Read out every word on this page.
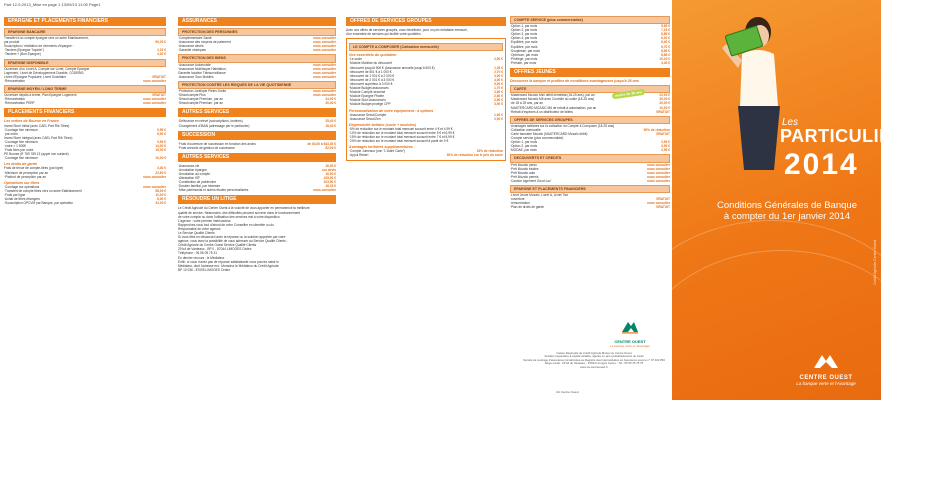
Part 12-9-2013_Mise en page 1 13/09/13 11:05 Page1
EPARGNE ET PLACEMENTS FINANCIERS
EPARGNE BANCAIRE
Transfert d'un compte épargne vers un autre Etablissement,
par produit	90,20 €
Souscription / résiliation de virements d'épargne :
·Tandem (Epargne "liquide")	2,15 €
·Tandem + (Bon Epargne)	4,20 €
EPARGNE DISPONIBLE
Ouverture d'un Livret A, Compte sur Livret, Compte Epargne
Logement, Livret de Développement Durable, CODEBIS,
Livret d'Epargne Populaire, Livret Sociétaire	GRATUIT
·Rémunération	nous consulter
EPARGNE MOYEN / LONG TERME
Ouverture dépôts à terme, Plan Epargne Logement	GRATUIT
·Rémunération	nous consulter
·Rémunération PERP	nous consulter
PLACEMENTS FINANCIERS
Les ordres de Bourse en France
Invest Store Initial (avec CAEL Part Rib Titres)
·Courtage fixe minimum	0,95 €
·par ordre	8,00 €
Invest Store Intégral (avec CAEL Part Rib Titres)
·Courtage fixe minimum	0,95 €
·ordre > 1 500€	14,00 €
·Frais fixes par ordre	19,00 €
PE Bourse (R 789 789 13 (appel non surtaxé)
·Courtage fixe minimum	10,00 €
Les droits de garde
Frais de tenue de compte-titres (par ligne)	4,30 €
·Minimum de perception par an	22,50 €
·Plafond de perception par an	nous consulter
Opérations sur titres
·Courtage sur opérations	nous consulter
·Transfert de compte titres vers un autre Etablissement	58,00 €
·Frais par ligne	12,30 €
·Achat de titres étrangers	8,00 €
·Souscription OPCVM par Banque, par opération	32,20 €
ASSURANCES
PROTECTION DES PERSONNES
·Complémentaire Santé	nous consulter
·Assurance des moyens de paiement	nous consulter
·Assurance décès	nous consulter
·Garantie obsèques	nous consulter
PROTECTION DES BIENS
·Assurance Automobile	nous consulter
·Assurance Multirisque Habitation,	nous consulter
Garantie locative Télésurveillance	nous consulter
·Assurance Tous Mobiles	nous consulter
PROTECTION CONTRE LES RISQUES DE LA VIE QUOTIDIENNE
·Protection Juridique Pleins Droits	nous consulter
·Sécuricompte Plus	nous consulter
·Sécuricompte Premium, par an	24,00 €
·Sécuricompte Premium, par an	30,40 €
AUTRES SERVICES
·Délivrance en relevé (souscriptions, tontines)	25,40 €
·Changement d'IBAN (adressage par le particulier)	18,40 €
SUCCESSION
·Frais d'ouverture de succession en fonction des avoirs	de 83,00 à 643,35 €
·Frais annuels de gestion de succession	92,00 €
AUTRES SERVICES
·Assurance-vie	16,90 €
·Annotation épargne	sur devis
·Annotation au compte	16,90 €
·Attestation ISF	105,00 €
·Constitution de patrimoine	103,50 €
·Dossier familial, par trimestre	18,35 €
·Mise patrimonial et autres études personnalisées	nous consulter
RÉSOUDRE UN LITIGE
Le Crédit Agricole du Centre Ouest a la volonté de vous apporter en permanence la meilleure
qualité de service. Néanmoins, des difficultés peuvent survenir dans le fonctionnement
de votre compte ou dans l'utilisation des services mis à votre disposition.
L'agence : votre premier interlocuteur
Rapprochez-vous tout d'abord de votre Conseiller en clientèle ou du
Responsable de votre agence.
Le Service Qualité Clients
Si vous êtes en désaccord avec la réponse ou la solution apportée par votre
agence, vous avez la possibilité de vous adresser au Service Qualité Clients :
Crédit Agricole du Centre Ouest Service Qualité Clients
29 bd de Vanteaux - BP 0 - 87044 LIMOGES Cedex
Téléphone : 05 55 05 75 31
En dernier recours : le Médiateur
Enfin, si vous n'avez pas de réponse satisfaisante vous pouvez saisir le
Médiateur, dont l'adresse est : Monsieur le Médiateur du Crédit Agricole
BP 10 036 - 87005 LIMOGES Cedex
OFFRES DE SERVICES GROUPES
Avec nos offres de services groupés, vous bénéficiez, pour un prix forfaitaire mensuel,
d'un ensemble de services qui facilite votre quotidien.
LE COMPTE A COMPOSER (Cotisation mensuelle)
Vos essentiels du quotidien
·Le socle	2,00 €
·Module Maîtrise du découvert
·découvert jusqu'à 500 € (Assurance annuelle jusqu'à 500 €)	1,35 €
·découvert de 501 € à 1 000 €	2,70 €
·découvert de 1 001 € à 2 000 €	3,00 €
·découvert de 2 001 € à 3 000 €	4,00 €
·découvert supérieur à 3 000 €	5,00 €
·Module Budget assurances	1,70 €
·Module Compte sécurisé	2,80 €
·Module Epargne Pilotée	2,80 €
·Module Suivi Assurances	2,80 €
·Module Budget protégé CPP	3,00 €
Personnalisation de votre équipement : à options
·Assurance SécuriCompte	1,00 €
·Assurance SécuriZen	2,00 €
Dégressivité tarifaire (socle + modules)
·5% de réduction sur le montant total mensuel souscrit entre 4 € et 4,99 €
·10% de réduction sur le montant total mensuel souscrit entre 5 € et 6,99 €
·15% de réduction sur le montant total mensuel souscrit entre 7 € et 8,99 €
·20% de réduction sur le montant total mensuel souscrit à partir de 9 €
Avantages tarifaires supplémentaires
·Compte Jumeaux (non "L'Autre Carte")	15% de réduction
·Appui Réseri	30% de réduction sur le prix du socle
COMPTE SERVICE (plus commercialisé)
·Option 1, par mois	5,65 €
·Option 2, par mois	7,15 €
·Option 3, par mois	8,85 €
·Option 4, par mois	6,20 €
·Equilibre, par mois	6,40 €
·Equilibre, par mois	6,70 €
·Souplesse, par mois	8,85 €
·Optimum, par mois	8,85 €
·Privilège, par mois	10,20 €
·Prélude, par mois	3,45 €
OFFRES JEUNES
Découvrez la banque et profitez de conditions avantageuses jusqu'à 26 ans
CARTE
·Mastercard Mozaïc Mini débit immédiat (18-25 ans), par an	22,00 €
·Mastercard Mozaïc M6 avec Contrôle du solde (18-25 ans)	30,00 €
·de 18 à 25 ans, par an	20,00 €
·MASTERCARD MOZAÏC M6 de retrait à autorisation, par an	10,00 €
·Retrait d'espèces à un distributeur de billets	GRATUIT
OFFRES DE SERVICES GROUPES
·Avantages tarifaires sur la cotisation du Compte à Composer (18-25 ans)
·Cotisation mensuelle	50% de réduction
·Carte bancaire Mozaïc (MASTERCARD Mozaïc débit)	GRATUIT
·Compte service (plus commercialisé)
·Option 1, par mois	2,95 €
·Option 2, par mois	3,95 €
·MODAE, par mois	2,95 €
DECOUVERTS ET CREDITS
·Prêt Mozaïc perso	nous consulter
·Prêt Mozaïc études	nous consulter
·Prêt Mozaïc auto	nous consulter
·Prêt Mozaïc permis	nous consulter
·Caution logement Good Loc'	nous consulter
EPARGNE ET PLACEMENTS FINANCIERS
·Livret Jeune Mozaïc, Livret A, Livret Tiwi
·ouverture	GRATUIT
·rémunération	nous consulter
·Plan de droits de garde	GRATUIT
moins de 26 ans
CENTRE OUEST
La banque verte et l'Avantage
Caisse Régionale de Crédit Agricole Mutuel du Centre Ouest
Société coopérative à capital variable, agréée en tant qu'établissement de crédit
Société de courtage d'assurance immatriculée au Registre des Intermédiaires en Assurance sous le n° 07 022 854
Siège social : 29 bd de Vanteaux - 87044 Limoges Cedex - Tél : 05 55 05 75 75
www.ca-centreouest.fr
CA Centre Ouest
Les
PARTICULIERS
2014
Conditions Générales de Banque
à compter du 1er janvier 2014
Crédit Agricole Centre Ouest
CENTRE OUEST
La banque verte et l'Avantage
